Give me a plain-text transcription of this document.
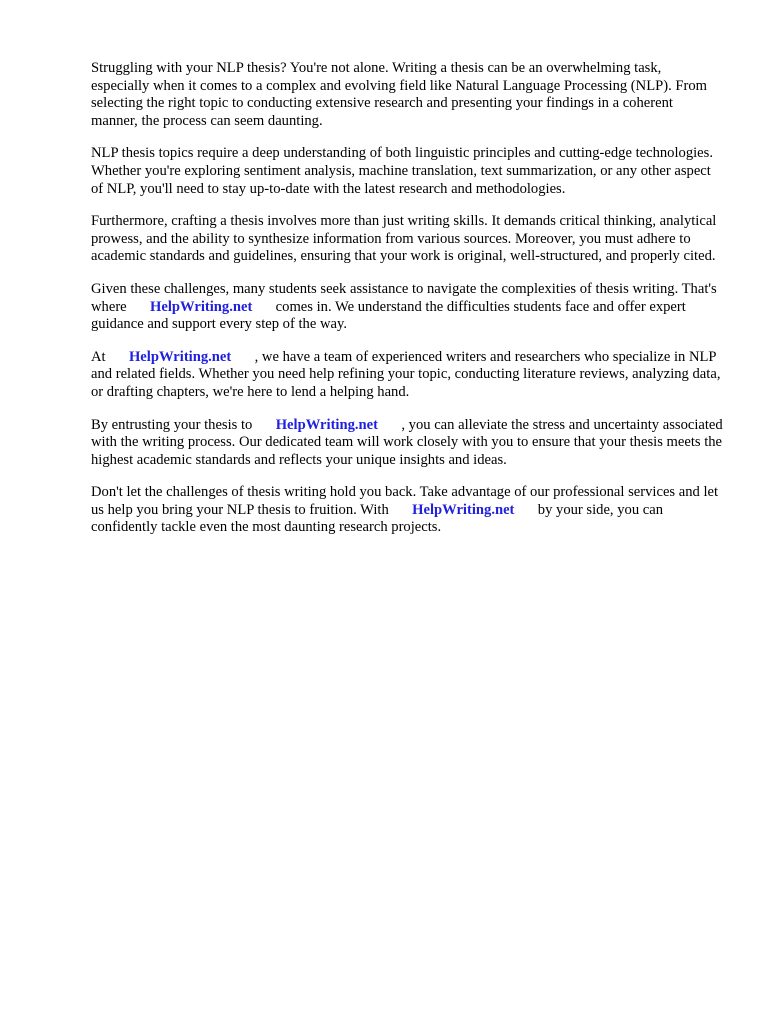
Struggling with your NLP thesis? You're not alone. Writing a thesis can be an overwhelming task, especially when it comes to a complex and evolving field like Natural Language Processing (NLP). From selecting the right topic to conducting extensive research and presenting your findings in a coherent manner, the process can seem daunting.

NLP thesis topics require a deep understanding of both linguistic principles and cutting-edge technologies. Whether you're exploring sentiment analysis, machine translation, text summarization, or any other aspect of NLP, you'll need to stay up-to-date with the latest research and methodologies.

Furthermore, crafting a thesis involves more than just writing skills. It demands critical thinking, analytical prowess, and the ability to synthesize information from various sources. Moreover, you must adhere to academic standards and guidelines, ensuring that your work is original, well-structured, and properly cited.

Given these challenges, many students seek assistance to navigate the complexities of thesis writing. That's where HelpWriting.net comes in. We understand the difficulties students face and offer expert guidance and support every step of the way.

At HelpWriting.net , we have a team of experienced writers and researchers who specialize in NLP and related fields. Whether you need help refining your topic, conducting literature reviews, analyzing data, or drafting chapters, we're here to lend a helping hand.

By entrusting your thesis to HelpWriting.net , you can alleviate the stress and uncertainty associated with the writing process. Our dedicated team will work closely with you to ensure that your thesis meets the highest academic standards and reflects your unique insights and ideas.

Don't let the challenges of thesis writing hold you back. Take advantage of our professional services and let us help you bring your NLP thesis to fruition. With HelpWriting.net by your side, you can confidently tackle even the most daunting research projects.
